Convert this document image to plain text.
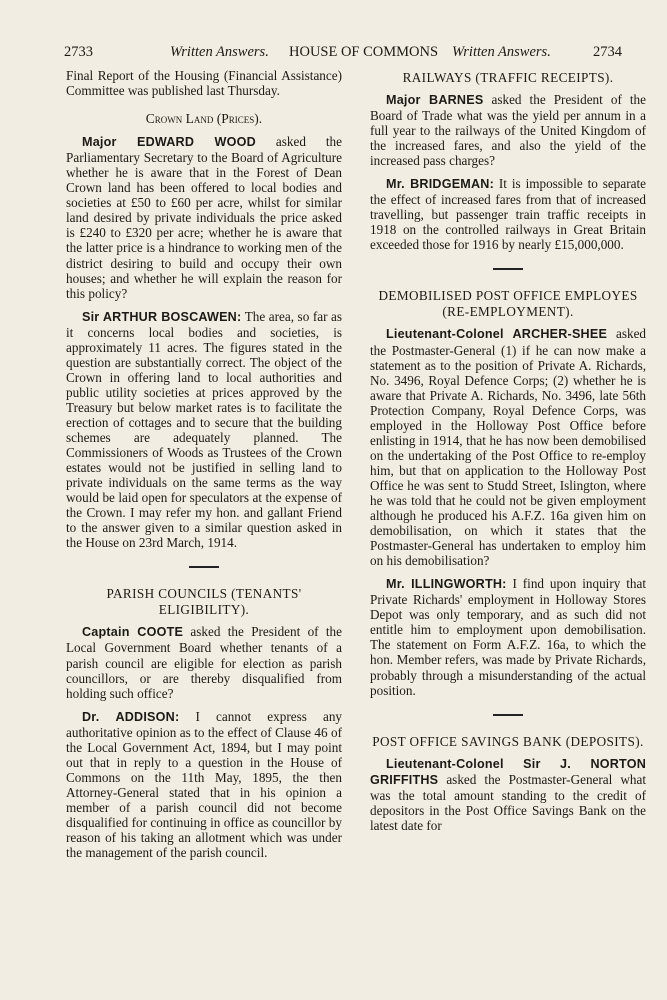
2733	Written Answers. HOUSE OF COMMONS Written Answers.	2734

Final Report of the Housing (Financial Assistance) Committee was published last Thursday.

Crown Land (Prices).

Major EDWARD WOOD asked the Parliamentary Secretary to the Board of Agriculture whether he is aware that in the Forest of Dean Crown land has been offered to local bodies and societies at £50 to £60 per acre, whilst for similar land desired by private individuals the price asked is £240 to £320 per acre; whether he is aware that the latter price is a hindrance to working men of the district desiring to build and occupy their own houses; and whether he will explain the reason for this policy?

Sir ARTHUR BOSCAWEN: The area, so far as it concerns local bodies and societies, is approximately 11 acres. The figures stated in the question are substantially correct. The object of the Crown in offering land to local authorities and public utility societies at prices approved by the Treasury but below market rates is to facilitate the erection of cottages and to secure that the building schemes are adequately planned. The Commissioners of Woods as Trustees of the Crown estates would not be justified in selling land to private individuals on the same terms as the way would be laid open for speculators at the expense of the Crown. I may refer my hon. and gallant Friend to the answer given to a similar question asked in the House on 23rd March, 1914.

PARISH COUNCILS (TENANTS' ELIGIBILITY).

Captain COOTE asked the President of the Local Government Board whether tenants of a parish council are eligible for election as parish councillors, or are thereby disqualified from holding such office?

Dr. ADDISON: I cannot express any authoritative opinion as to the effect of Clause 46 of the Local Government Act, 1894, but I may point out that in reply to a question in the House of Commons on the 11th May, 1895, the then Attorney-General stated that in his opinion a member of a parish council did not become disqualified for continuing in office as councillor by reason of his taking an allotment which was under the management of the parish council.

RAILWAYS (TRAFFIC RECEIPTS).

Major BARNES asked the President of the Board of Trade what was the yield per annum in a full year to the railways of the United Kingdom of the increased fares, and also the yield of the increased pass charges?

Mr. BRIDGEMAN: It is impossible to separate the effect of increased fares from that of increased travelling, but passenger train traffic receipts in 1918 on the controlled railways in Great Britain exceeded those for 1916 by nearly £15,000,000.

DEMOBILISED POST OFFICE EMPLOYES (RE-EMPLOYMENT).

Lieutenant-Colonel ARCHER-SHEE asked the Postmaster-General (1) if he can now make a statement as to the position of Private A. Richards, No. 3496, Royal Defence Corps; (2) whether he is aware that Private A. Richards, No. 3496, late 56th Protection Company, Royal Defence Corps, was employed in the Holloway Post Office before enlisting in 1914, that he has now been demobilised on the undertaking of the Post Office to re-employ him, but that on application to the Holloway Post Office he was sent to Studd Street, Islington, where he was told that he could not be given employment although he produced his A.F.Z. 16a given him on demobilisation, on which it states that the Postmaster-General has undertaken to employ him on his demobilisation?

Mr. ILLINGWORTH: I find upon inquiry that Private Richards' employment in Holloway Stores Depot was only temporary, and as such did not entitle him to employment upon demobilisation. The statement on Form A.F.Z. 16a, to which the hon. Member refers, was made by Private Richards, probably through a misunderstanding of the actual position.

POST OFFICE SAVINGS BANK (DEPOSITS).

Lieutenant-Colonel Sir J. NORTON GRIFFITHS asked the Postmaster-General what was the total amount standing to the credit of depositors in the Post Office Savings Bank on the latest date for
